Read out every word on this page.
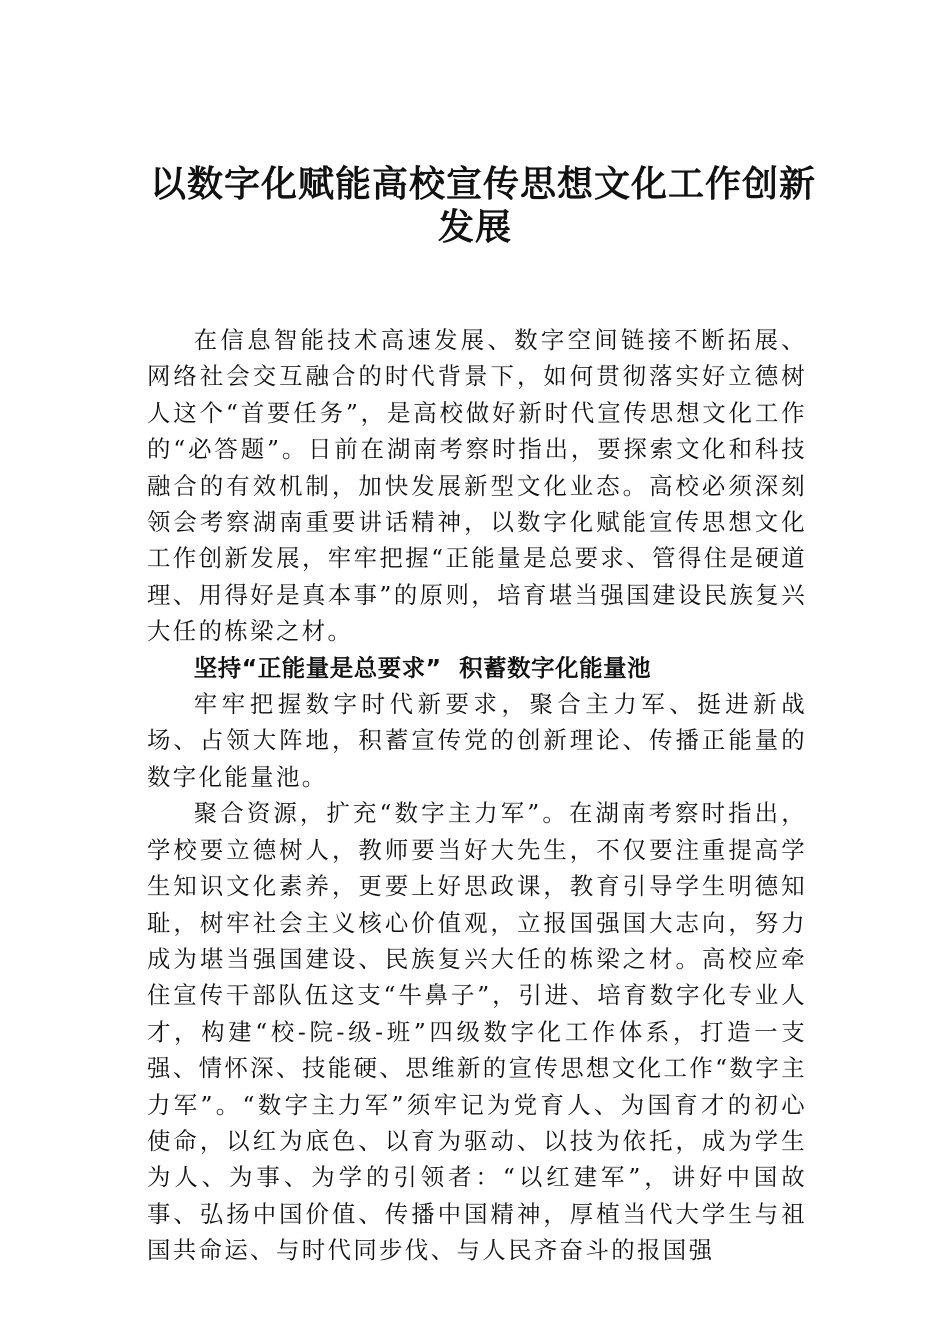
以数字化赋能高校宣传思想文化工作创新
发展

在信息智能技术高速发展、数字空间链接不断拓展、网络社会交互融合的时代背景下，如何贯彻落实好立德树人这个“首要任务”，是高校做好新时代宣传思想文化工作的“必答题”。日前在湖南考察时指出，要探索文化和科技融合的有效机制，加快发展新型文化业态。高校必须深刻领会考察湖南重要讲话精神，以数字化赋能宣传思想文化工作创新发展，牢牢把握“正能量是总要求、管得住是硬道理、用得好是真本事”的原则，培育堪当强国建设民族复兴大任的栋梁之材。

坚持“正能量是总要求”  积蓄数字化能量池

牢牢把握数字时代新要求，聚合主力军、挺进新战场、占领大阵地，积蓄宣传党的创新理论、传播正能量的数字化能量池。

聚合资源，扩充“数字主力军”。在湖南考察时指出，学校要立德树人，教师要当好大先生，不仅要注重提高学生知识文化素养，更要上好思政课，教育引导学生明德知耻，树牢社会主义核心价值观，立报国强国大志向，努力成为堪当强国建设、民族复兴大任的栋梁之材。高校应牵住宣传干部队伍这支“牛鼻子”，引进、培育数字化专业人才，构建“校-院-级-班”四级数字化工作体系，打造一支强、情怀深、技能硬、思维新的宣传思想文化工作“数字主力军”。“数字主力军”须牢记为党育人、为国育才的初心使命，以红为底色、以育为驱动、以技为依托，成为学生为人、为事、为学的引领者：“以红建军”，讲好中国故事、弘扬中国价值、传播中国精神，厚植当代大学生与祖国共命运、与时代同步伐、与人民齐奋斗的报国强
